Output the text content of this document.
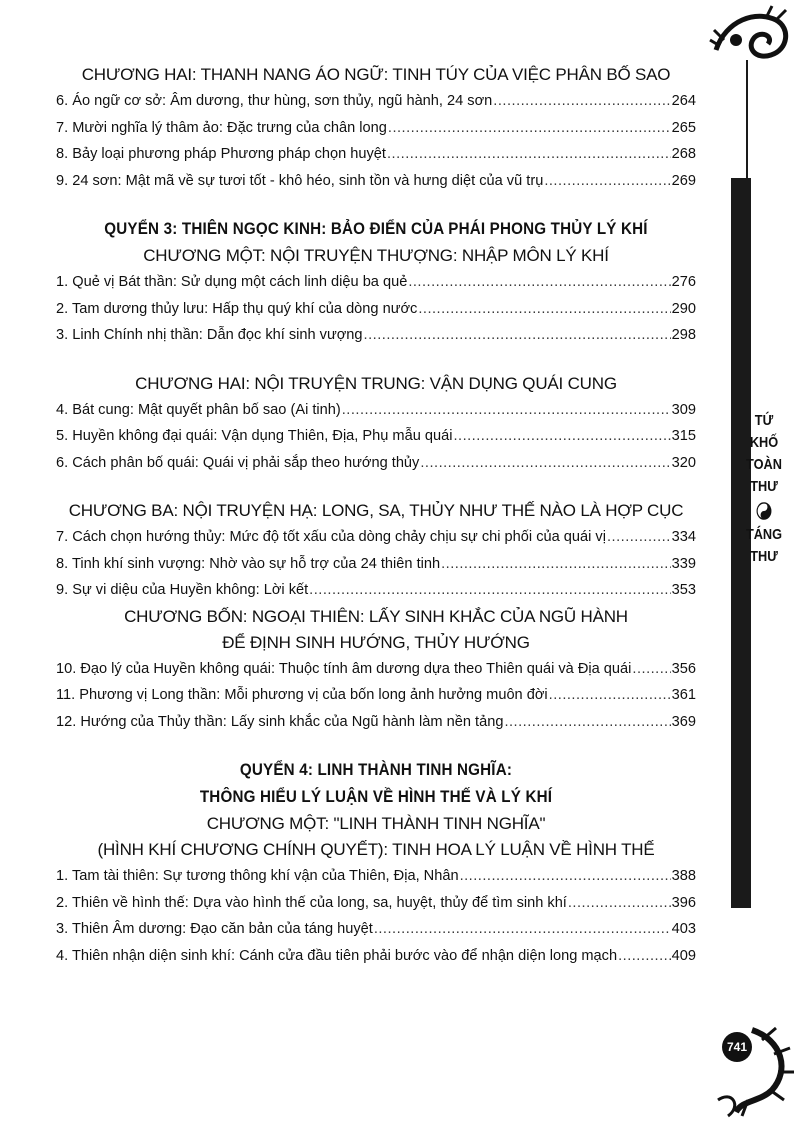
CHƯƠNG HAI: THANH NANG ÁO NGỮ: TINH TÚY CỦA VIỆC PHÂN BỐ SAO
6. Áo ngữ cơ sở: Âm dương, thư hùng, sơn thủy, ngũ hành, 24 sơn .....	264
7. Mười nghĩa lý thâm ảo: Đặc trưng của chân long .....	265
8. Bảy loại phương pháp Phương pháp chọn huyệt .....	268
9. 24 sơn: Mật mã về sự tươi tốt - khô héo, sinh tồn và hưng diệt của vũ trụ .....	269
QUYỂN 3: THIÊN NGỌC KINH: BẢO ĐIỂN CỦA PHÁI PHONG THỦY LÝ KHÍ
CHƯƠNG MỘT: NỘI TRUYỆN THƯỢNG: NHẬP MÔN LÝ KHÍ
1. Quẻ vị Bát thần: Sử dụng một cách linh diệu ba quẻ .....	276
2. Tam dương thủy lưu: Hấp thụ quý khí của dòng nước .....	290
3. Linh Chính nhị thần: Dẫn đọc khí sinh vượng .....	298
CHƯƠNG HAI: NỘI TRUYỆN TRUNG: VẬN DỤNG QUÁI CUNG
4. Bát cung: Mật quyết phân bố sao (Ai tinh) .....	309
5. Huyền không đại quái: Vận dụng Thiên, Địa, Phụ mẫu quái .....	315
6. Cách phân bố quái: Quái vị phải sắp theo hướng thủy .....	320
CHƯƠNG BA: NỘI TRUYỆN HẠ: LONG, SA, THỦY NHƯ THẾ NÀO LÀ HỢP CỤC
7. Cách chọn hướng thủy: Mức độ tốt xấu của dòng chảy chịu sự chi phối của quái vị .....	334
8. Tinh khí sinh vượng: Nhờ vào sự hỗ trợ của 24 thiên tinh .....	339
9. Sự vi diệu của Huyền không: Lời kết .....	353
CHƯƠNG BỐN: NGOẠI THIÊN: LẤY SINH KHẮC CỦA NGŨ HÀNH
ĐỂ ĐỊNH SINH HƯỚNG, THỦY HƯỚNG
10. Đạo lý của Huyền không quái: Thuộc tính âm dương dựa theo Thiên quái và Địa quái .....	356
11. Phương vị Long thần: Mỗi phương vị của bốn long ảnh hưởng muôn đời .....	361
12. Hướng của Thủy thần: Lấy sinh khắc của Ngũ hành làm nền tảng .....	369
QUYỂN 4: LINH THÀNH TINH NGHĨA:
THÔNG HIỂU LÝ LUẬN VỀ HÌNH THẾ VÀ LÝ KHÍ
CHƯƠNG MỘT: "LINH THÀNH TINH NGHĨA"
(HÌNH KHÍ CHƯƠNG CHÍNH QUYẾT): TINH HOA LÝ LUẬN VỀ HÌNH THẾ
1. Tam tài thiên: Sự tương thông khí vận của Thiên, Địa, Nhân .....	388
2. Thiên về hình thế: Dựa vào hình thế của long, sa, huyệt, thủy để tìm sinh khí .....	396
3. Thiên Âm dương: Đạo căn bản của táng huyệt .....	403
4. Thiên nhận diện sinh khí: Cánh cửa đầu tiên phải bước vào để nhận diện long mạch .....	409
TỨ
KHỐ
TOÀN
THƯ
TÁNG
THƯ
741
